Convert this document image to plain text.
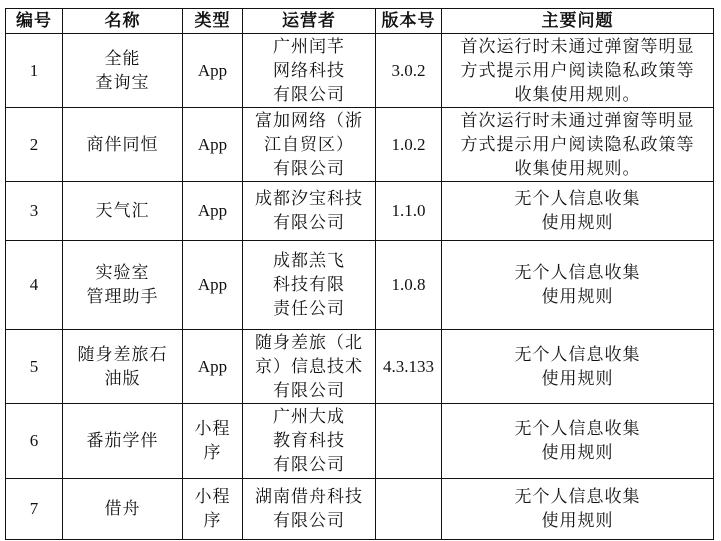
编号	名称	类型	运营者	版本号	主要问题
1	全能
查询宝	App	广州闰芊
网络科技
有限公司	3.0.2	首次运行时未通过弹窗等明显
方式提示用户阅读隐私政策等
收集使用规则。
2	商伴同恒	App	富加网络（浙
江自贸区）
有限公司	1.0.2	首次运行时未通过弹窗等明显
方式提示用户阅读隐私政策等
收集使用规则。
3	天气汇	App	成都汐宝科技
有限公司	1.1.0	无个人信息收集
使用规则
4	实验室
管理助手	App	成都羔飞
科技有限
责任公司	1.0.8	无个人信息收集
使用规则
5	随身差旅石
油版	App	随身差旅（北
京）信息技术
有限公司	4.3.133	无个人信息收集
使用规则
6	番茄学伴	小程
序	广州大成
教育科技
有限公司		无个人信息收集
使用规则
7	借舟	小程
序	湖南借舟科技
有限公司		无个人信息收集
使用规则
